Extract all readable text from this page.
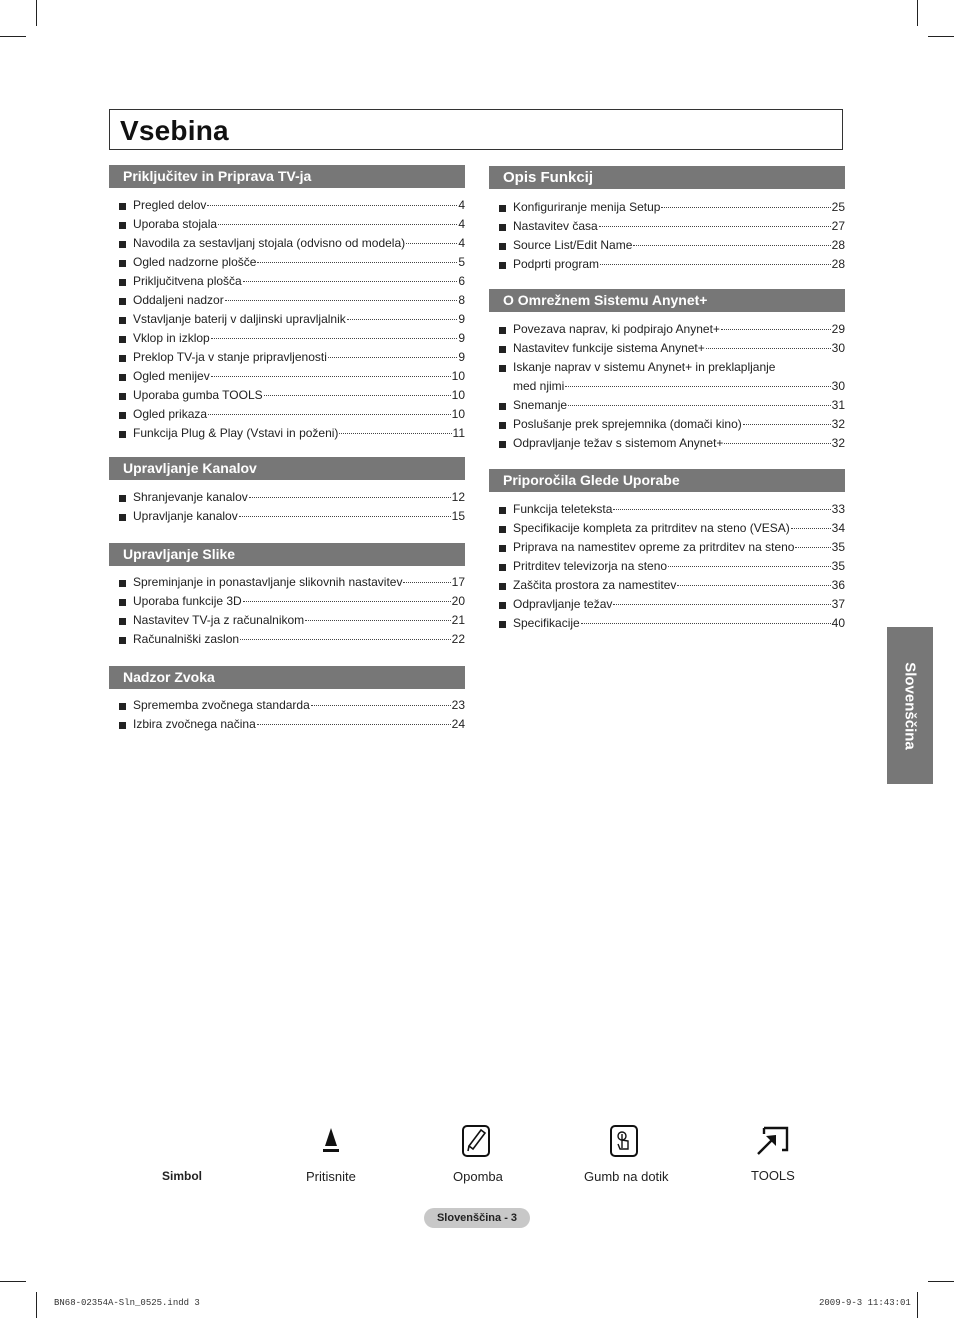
Vsebina
Priključitev in Priprava TV-ja
Pregled delov	4
Uporaba stojala	4
Navodila za sestavljanj stojala (odvisno od modela)	4
Ogled nadzorne plošče	5
Priključitvena plošča	6
Oddaljeni nadzor	8
Vstavljanje baterij v daljinski upravljalnik	9
Vklop in izklop	9
Preklop TV-ja v stanje pripravljenosti	9
Ogled menijev	10
Uporaba gumba TOOLS	10
Ogled prikaza	10
Funkcija Plug & Play (Vstavi in poženi)	11
Upravljanje Kanalov
Shranjevanje kanalov	12
Upravljanje kanalov	15
Upravljanje Slike
Spreminjanje in ponastavljanje slikovnih nastavitev	17
Uporaba funkcije 3D	20
Nastavitev TV-ja z računalnikom	21
Računalniški zaslon	22
Nadzor Zvoka
Sprememba zvočnega standarda	23
Izbira zvočnega načina	24
Opis Funkcij
Konfiguriranje menija Setup	25
Nastavitev časa	27
Source List/Edit Name	28
Podprti program	28
O Omrežnem Sistemu Anynet+
Povezava naprav, ki podpirajo Anynet+	29
Nastavitev funkcije sistema Anynet+	30
Iskanje naprav v sistemu Anynet+ in preklapljanje
med njimi	30
Snemanje	31
Poslušanje prek sprejemnika (domači kino)	32
Odpravljanje težav s sistemom Anynet+	32
Priporočila Glede Uporabe
Funkcija teleteksta	33
Specifikacije kompleta za pritrditev na steno (VESA)	34
Priprava na namestitev opreme za pritrditev na steno	35
Pritrditev televizorja na steno	35
Zaščita prostora za namestitev	36
Odpravljanje težav	37
Specifikacije	40
Slovenščina
Simbol	Pritisnite	Opomba	Gumb na dotik	TOOLS
Slovenščina - 3
BN68-02354A-Sln_0525.indd 3	2009-9-3 11:43:01
